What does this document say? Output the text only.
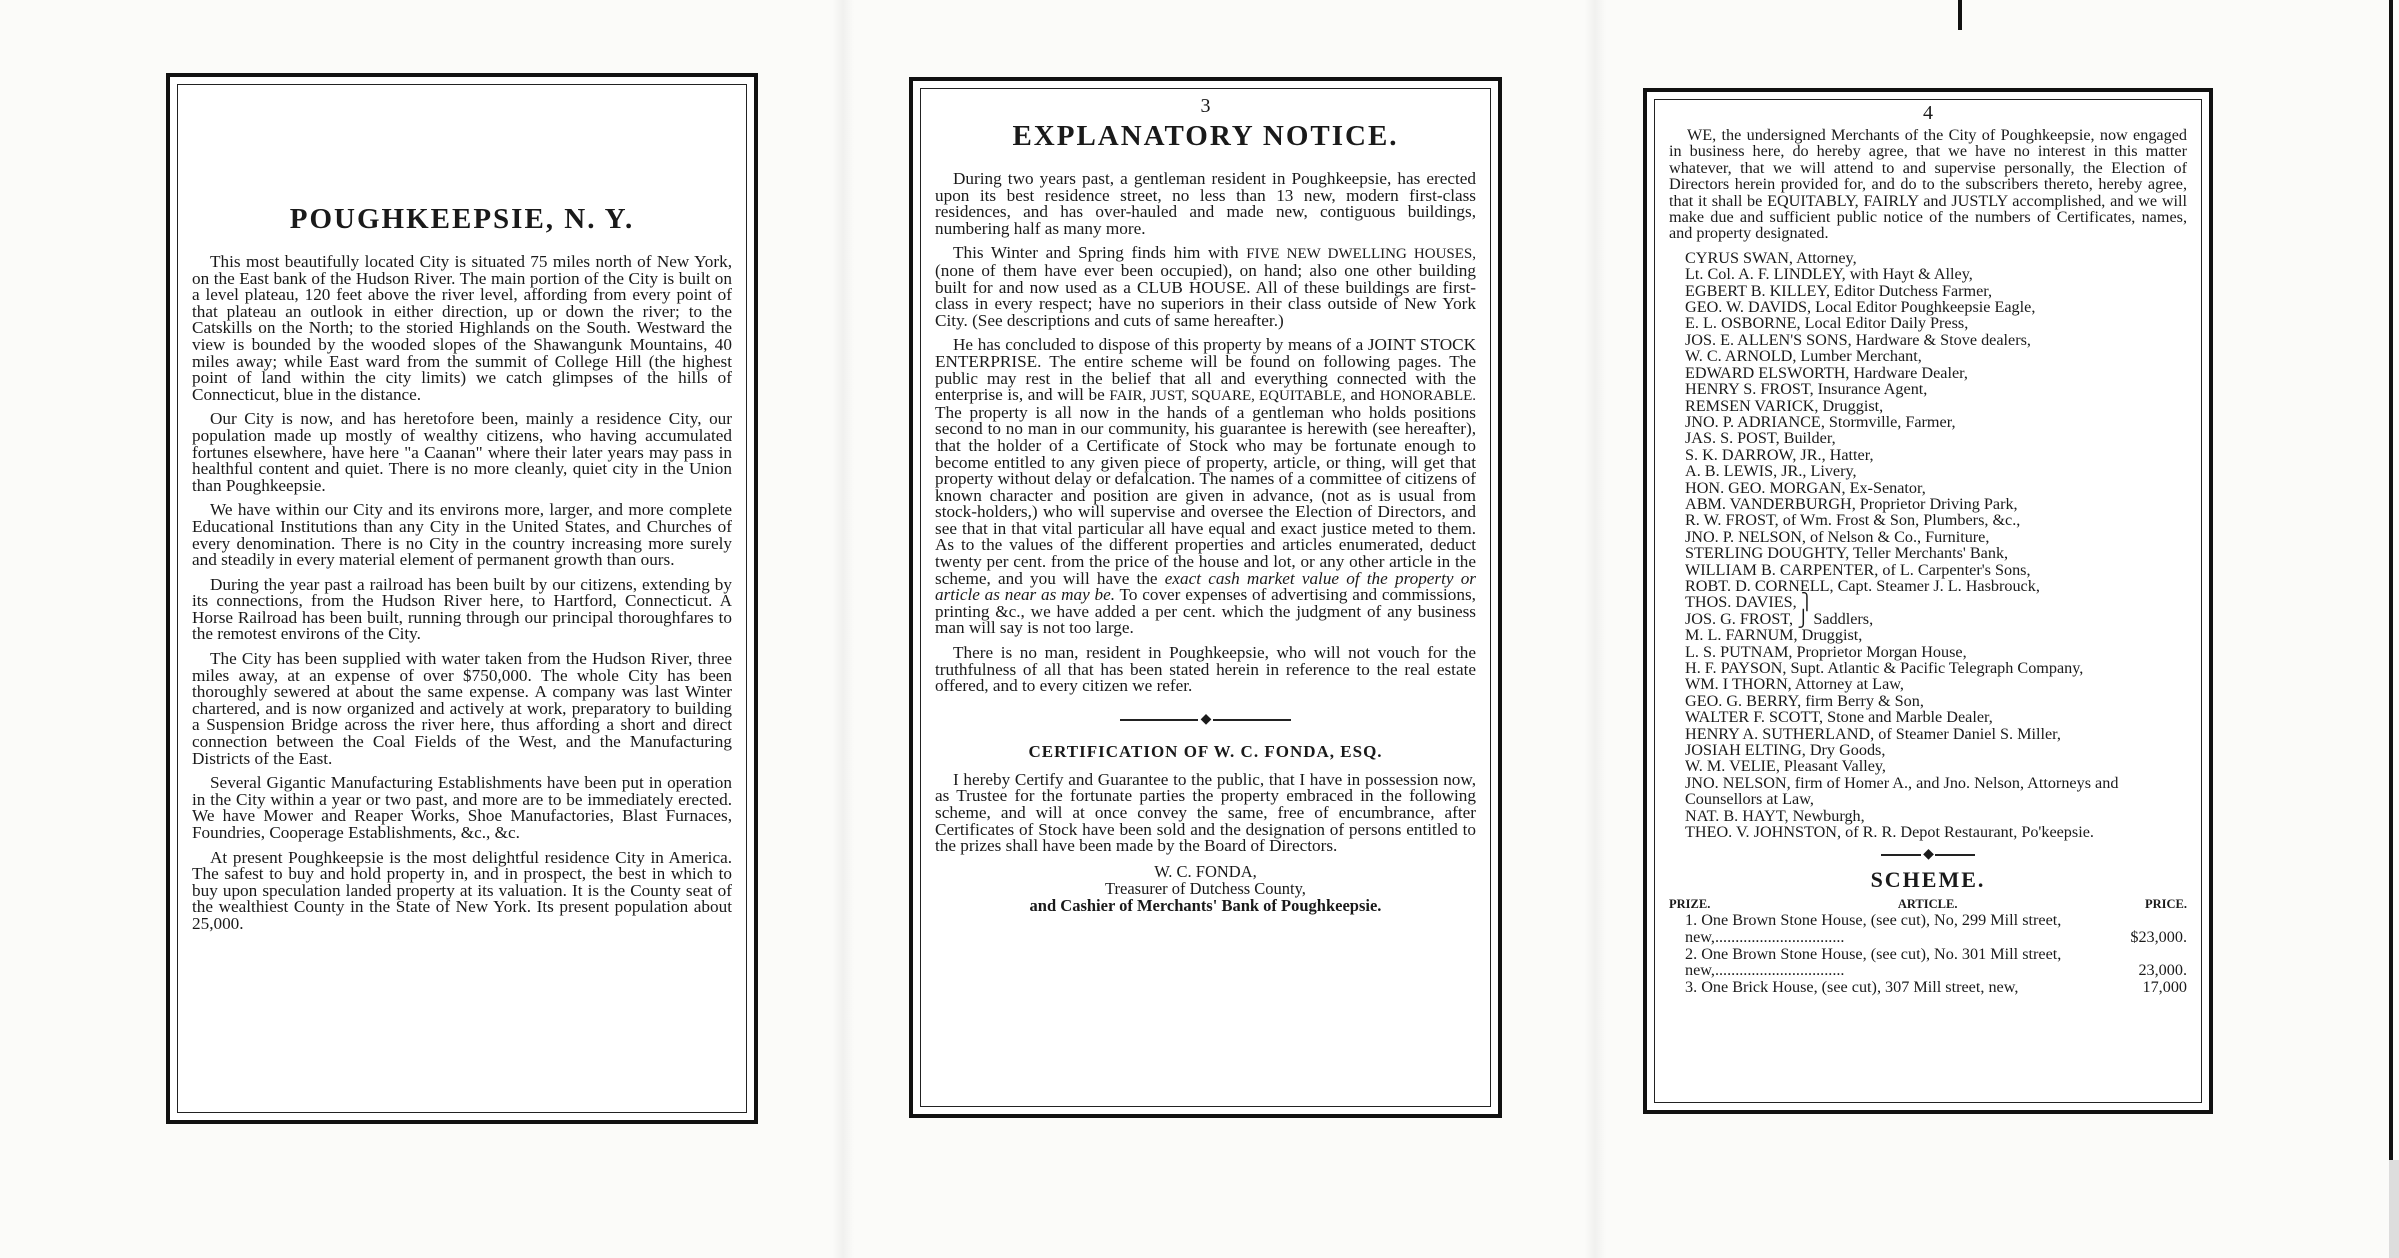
POUGHKEEPSIE, N. Y.

This most beautifully located City is situated 75 miles north of New York, on the East bank of the Hudson River. The main portion of the City is built on a level plateau, 120 feet above the river level, affording from every point of that plateau an outlook in either direction, up or down the river; to the Catskills on the North; to the storied Highlands on the South. Westward the view is bounded by the wooded slopes of the Shawangunk Mountains, 40 miles away; while East ward from the summit of College Hill (the highest point of land within the city limits) we catch glimpses of the hills of Connecticut, blue in the distance.

Our City is now, and has heretofore been, mainly a residence City, our population made up mostly of wealthy citizens, who having accumulated fortunes elsewhere, have here "a Caanan" where their later years may pass in healthful content and quiet. There is no more cleanly, quiet city in the Union than Poughkeepsie.

We have within our City and its environs more, larger, and more complete Educational Institutions than any City in the United States, and Churches of every denomination. There is no City in the country increasing more surely and steadily in every material element of permanent growth than ours.

During the year past a railroad has been built by our citizens, extending by its connections, from the Hudson River here, to Hartford, Connecticut. A Horse Railroad has been built, running through our principal thoroughfares to the remotest environs of the City.

The City has been supplied with water taken from the Hudson River, three miles away, at an expense of over $750,000. The whole City has been thoroughly sewered at about the same expense. A company was last Winter chartered, and is now organized and actively at work, preparatory to building a Suspension Bridge across the river here, thus affording a short and direct connection between the Coal Fields of the West, and the Manufacturing Districts of the East.

Several Gigantic Manufacturing Establishments have been put in operation in the City within a year or two past, and more are to be immediately erected. We have Mower and Reaper Works, Shoe Manufactories, Blast Furnaces, Foundries, Cooperage Establishments, &c., &c.

At present Poughkeepsie is the most delightful residence City in America. The safest to buy and hold property in, and in prospect, the best in which to buy upon speculation landed property at its valuation. It is the County seat of the wealthiest County in the State of New York. Its present population about 25,000.

3
EXPLANATORY NOTICE.

During two years past, a gentleman resident in Poughkeepsie, has erected upon its best residence street, no less than 13 new, modern first-class residences, and has over-hauled and made new, contiguous buildings, numbering half as many more.

This Winter and Spring finds him with FIVE NEW DWELLING HOUSES, (none of them have ever been occupied), on hand; also one other building built for and now used as a CLUB HOUSE. All of these buildings are first-class in every respect; have no superiors in their class outside of New York City. (See descriptions and cuts of same hereafter.)

He has concluded to dispose of this property by means of a JOINT STOCK ENTERPRISE. The entire scheme will be found on following pages. The public may rest in the belief that all and everything connected with the enterprise is, and will be FAIR, JUST, SQUARE, EQUITABLE, and HONORABLE. The property is all now in the hands of a gentleman who holds positions second to no man in our community, his guarantee is herewith (see hereafter), that the holder of a Certificate of Stock who may be fortunate enough to become entitled to any given piece of property, article, or thing, will get that property without delay or defalcation. The names of a committee of citizens of known character and position are given in advance, (not as is usual from stock-holders,) who will supervise and oversee the Election of Directors, and see that in that vital particular all have equal and exact justice meted to them. As to the values of the different properties and articles enumerated, deduct twenty per cent. from the price of the house and lot, or any other article in the scheme, and you will have the exact cash market value of the property or article as near as may be. To cover expenses of advertising and commissions, printing &c., we have added a per cent. which the judgment of any business man will say is not too large.

There is no man, resident in Poughkeepsie, who will not vouch for the truthfulness of all that has been stated herein in reference to the real estate offered, and to every citizen we refer.

◆
CERTIFICATION OF W. C. FONDA, ESQ.

I hereby Certify and Guarantee to the public, that I have in possession now, as Trustee for the fortunate parties the property embraced in the following scheme, and will at once convey the same, free of encumbrance, after Certificates of Stock have been sold and the designation of persons entitled to the prizes shall have been made by the Board of Directors.

W. C. FONDA,

Treasurer of Dutchess County,

and Cashier of Merchants' Bank of Poughkeepsie.

4

WE, the undersigned Merchants of the City of Poughkeepsie, now engaged in business here, do hereby agree, that we have no interest in this matter whatever, that we will attend to and supervise personally, the Election of Directors herein provided for, and do to the subscribers thereto, hereby agree, that it shall be EQUITABLY, FAIRLY and JUSTLY accomplished, and we will make due and sufficient public notice of the numbers of Certificates, names, and property designated.

CYRUS SWAN, Attorney,
Lt. Col. A. F. LINDLEY, with Hayt & Alley,
EGBERT B. KILLEY, Editor Dutchess Farmer,
GEO. W. DAVIDS, Local Editor Poughkeepsie Eagle,
E. L. OSBORNE, Local Editor Daily Press,
JOS. E. ALLEN'S SONS, Hardware & Stove dealers,
W. C. ARNOLD, Lumber Merchant,
EDWARD ELSWORTH, Hardware Dealer,
HENRY S. FROST, Insurance Agent,
REMSEN VARICK, Druggist,
JNO. P. ADRIANCE, Stormville, Farmer,
JAS. S. POST, Builder,
S. K. DARROW, JR., Hatter,
A. B. LEWIS, JR., Livery,
HON. GEO. MORGAN, Ex-Senator,
ABM. VANDERBURGH, Proprietor Driving Park,
R. W. FROST, of Wm. Frost & Son, Plumbers, &c.,
JNO. P. NELSON, of Nelson & Co., Furniture,
STERLING DOUGHTY, Teller Merchants' Bank,
WILLIAM B. CARPENTER, of L. Carpenter's Sons,
ROBT. D. CORNELL, Capt. Steamer J. L. Hasbrouck,
THOS. DAVIES, ⎫
JOS. G. FROST, ⎭ Saddlers,
M. L. FARNUM, Druggist,
L. S. PUTNAM, Proprietor Morgan House,
H. F. PAYSON, Supt. Atlantic & Pacific Telegraph Company,
WM. I THORN, Attorney at Law,
GEO. G. BERRY, firm Berry & Son,
WALTER F. SCOTT, Stone and Marble Dealer,
HENRY A. SUTHERLAND, of Steamer Daniel S. Miller,
JOSIAH ELTING, Dry Goods,
W. M. VELIE, Pleasant Valley,
JNO. NELSON, firm of Homer A., and Jno. Nelson, Attorneys and Counsellors at Law,
NAT. B. HAYT, Newburgh,
THEO. V. JOHNSTON, of R. R. Depot Restaurant, Po'keepsie.
◆
SCHEME.
PRIZE.	ARTICLE.	PRICE.
1. One Brown Stone House, (see cut), No, 299 Mill street, new,................................	$23,000.
2. One Brown Stone House, (see cut), No. 301 Mill street, new,................................	23,000.
3. One Brick House, (see cut), 307 Mill street, new,	17,000
